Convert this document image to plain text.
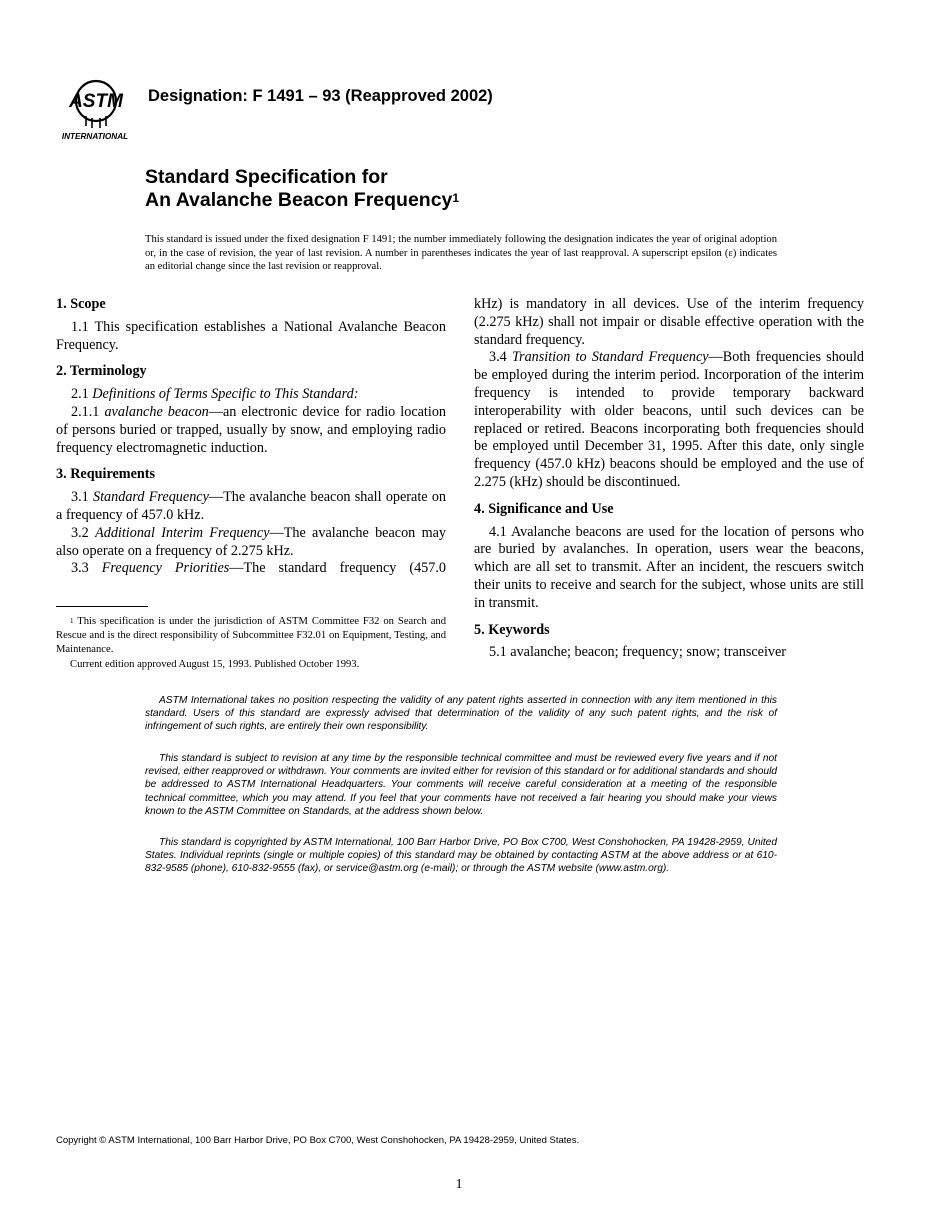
ASTM
INTERNATIONAL
Designation: F 1491 – 93 (Reapproved 2002)
Standard Specification for
An Avalanche Beacon Frequency$^1$
This standard is issued under the fixed designation F 1491; the number immediately following the designation indicates the year of original adoption or, in the case of revision, the year of last revision. A number in parentheses indicates the year of last reapproval. A superscript epsilon (ε) indicates an editorial change since the last revision or reapproval.
1. Scope

1.1 This specification establishes a National Avalanche Beacon Frequency.

2. Terminology

2.1 Definitions of Terms Specific to This Standard:

2.1.1 avalanche beacon—an electronic device for radio location of persons buried or trapped, usually by snow, and employing radio frequency electromagnetic induction.

3. Requirements

3.1 Standard Frequency—The avalanche beacon shall operate on a frequency of 457.0 kHz.

3.2 Additional Interim Frequency—The avalanche beacon may also operate on a frequency of 2.275 kHz.

3.3 Frequency Priorities—The standard frequency (457.0

$^1$ This specification is under the jurisdiction of ASTM Committee F32 on Search and Rescue and is the direct responsibility of Subcommittee F32.01 on Equipment, Testing, and Maintenance.

Current edition approved August 15, 1993. Published October 1993.

kHz) is mandatory in all devices. Use of the interim frequency (2.275 kHz) shall not impair or disable effective operation with the standard frequency.

3.4 Transition to Standard Frequency—Both frequencies should be employed during the interim period. Incorporation of the interim frequency is intended to provide temporary backward interoperability with older beacons, until such devices can be replaced or retired. Beacons incorporating both frequencies should be employed until December 31, 1995. After this date, only single frequency (457.0 kHz) beacons should be employed and the use of 2.275 (kHz) should be discontinued.

4. Significance and Use

4.1 Avalanche beacons are used for the location of persons who are buried by avalanches. In operation, users wear the beacons, which are all set to transmit. After an incident, the rescuers switch their units to receive and search for the subject, whose units are still in transmit.

5. Keywords

5.1 avalanche; beacon; frequency; snow; transceiver

ASTM International takes no position respecting the validity of any patent rights asserted in connection with any item mentioned in this standard. Users of this standard are expressly advised that determination of the validity of any such patent rights, and the risk of infringement of such rights, are entirely their own responsibility.

This standard is subject to revision at any time by the responsible technical committee and must be reviewed every five years and if not revised, either reapproved or withdrawn. Your comments are invited either for revision of this standard or for additional standards and should be addressed to ASTM International Headquarters. Your comments will receive careful consideration at a meeting of the responsible technical committee, which you may attend. If you feel that your comments have not received a fair hearing you should make your views known to the ASTM Committee on Standards, at the address shown below.

This standard is copyrighted by ASTM International, 100 Barr Harbor Drive, PO Box C700, West Conshohocken, PA 19428-2959, United States. Individual reprints (single or multiple copies) of this standard may be obtained by contacting ASTM at the above address or at 610-832-9585 (phone), 610-832-9555 (fax), or service@astm.org (e-mail); or through the ASTM website (www.astm.org).

Copyright © ASTM International, 100 Barr Harbor Drive, PO Box C700, West Conshohocken, PA 19428-2959, United States.
1
